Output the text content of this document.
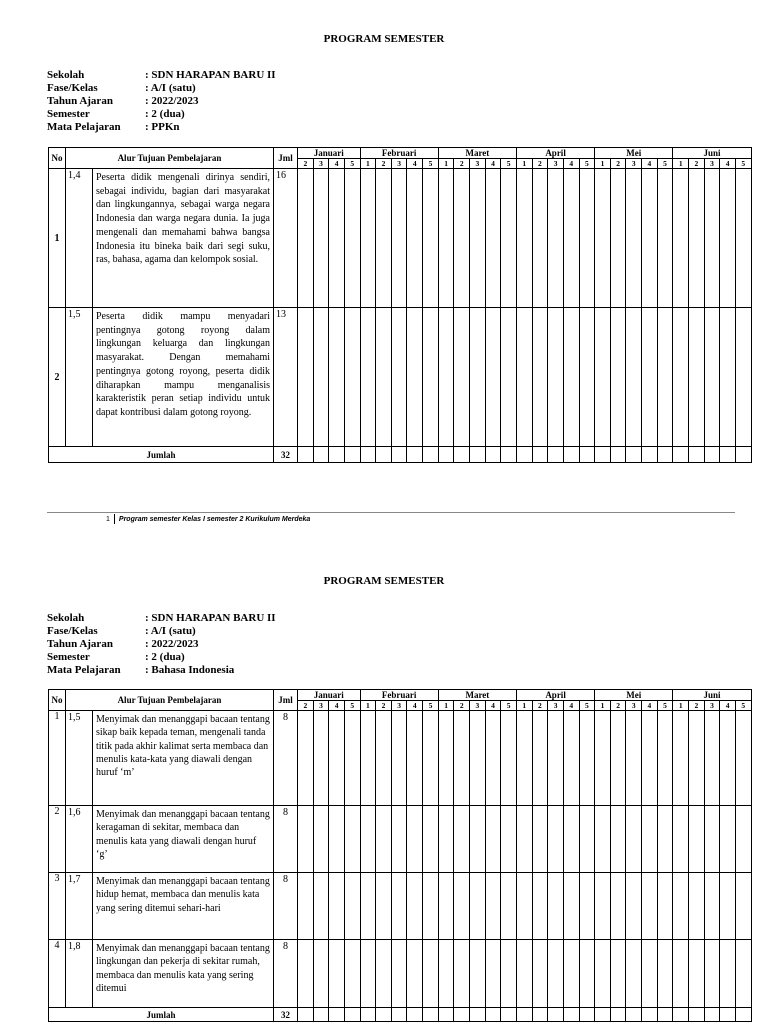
PROGRAM SEMESTER
Sekolah	: SDN HARAPAN BARU II
Fase/Kelas	: A/I (satu)
Tahun Ajaran	: 2022/2023
Semester	: 2 (dua)
Mata Pelajaran	: PPKn
No	Alur Tujuan Pembelajaran		Jml	Januari				Februari					Maret					April					Mei					Juni				
				2	3	4	5	1	2	3	4	5	1	2	3	4	5	1	2	3	4	5	1	2	3	4	5	1	2	3	4	5
1	1,4	Peserta didik mengenali dirinya sendiri, sebagai individu, bagian dari masyarakat dan lingkungannya, sebagai warga negara Indonesia dan warga negara dunia. Ia juga mengenali dan memahami bahwa bangsa Indonesia itu bineka baik dari segi suku, ras, bahasa, agama dan kelompok sosial.	16																													
2	1,5	Peserta didik mampu menyadari pentingnya gotong royong dalam lingkungan keluarga dan lingkungan masyarakat. Dengan memahami pentingnya gotong royong, peserta didik diharapkan mampu menganalisis karakteristik peran setiap individu untuk dapat kontribusi dalam gotong royong.	13																													
Jumlah			32																													
1 Program semester Kelas I semester 2 Kurikulum Merdeka
PROGRAM SEMESTER
Sekolah	: SDN HARAPAN BARU II
Fase/Kelas	: A/I (satu)
Tahun Ajaran	: 2022/2023
Semester	: 2 (dua)
Mata Pelajaran	: Bahasa Indonesia
No	Alur Tujuan Pembelajaran		Jml	Januari				Februari					Maret					April					Mei					Juni				
				2	3	4	5	1	2	3	4	5	1	2	3	4	5	1	2	3	4	5	1	2	3	4	5	1	2	3	4	5
1	1,5	Menyimak dan menanggapi bacaan tentang sikap baik kepada teman, mengenali tanda titik pada akhir kalimat serta membaca dan menulis kata-kata yang diawali dengan huruf ‘m’	8																													
2	1,6	Menyimak dan menanggapi bacaan tentang keragaman di sekitar, membaca dan menulis kata yang diawali dengan huruf ‘g’	8																													
3	1,7	Menyimak dan menanggapi bacaan tentang hidup hemat, membaca dan menulis kata yang sering ditemui sehari-hari	8																													
4	1,8	Menyimak dan menanggapi bacaan tentang lingkungan dan pekerja di sekitar rumah, membaca dan menulis kata yang sering ditemui	8																													
Jumlah			32																													
